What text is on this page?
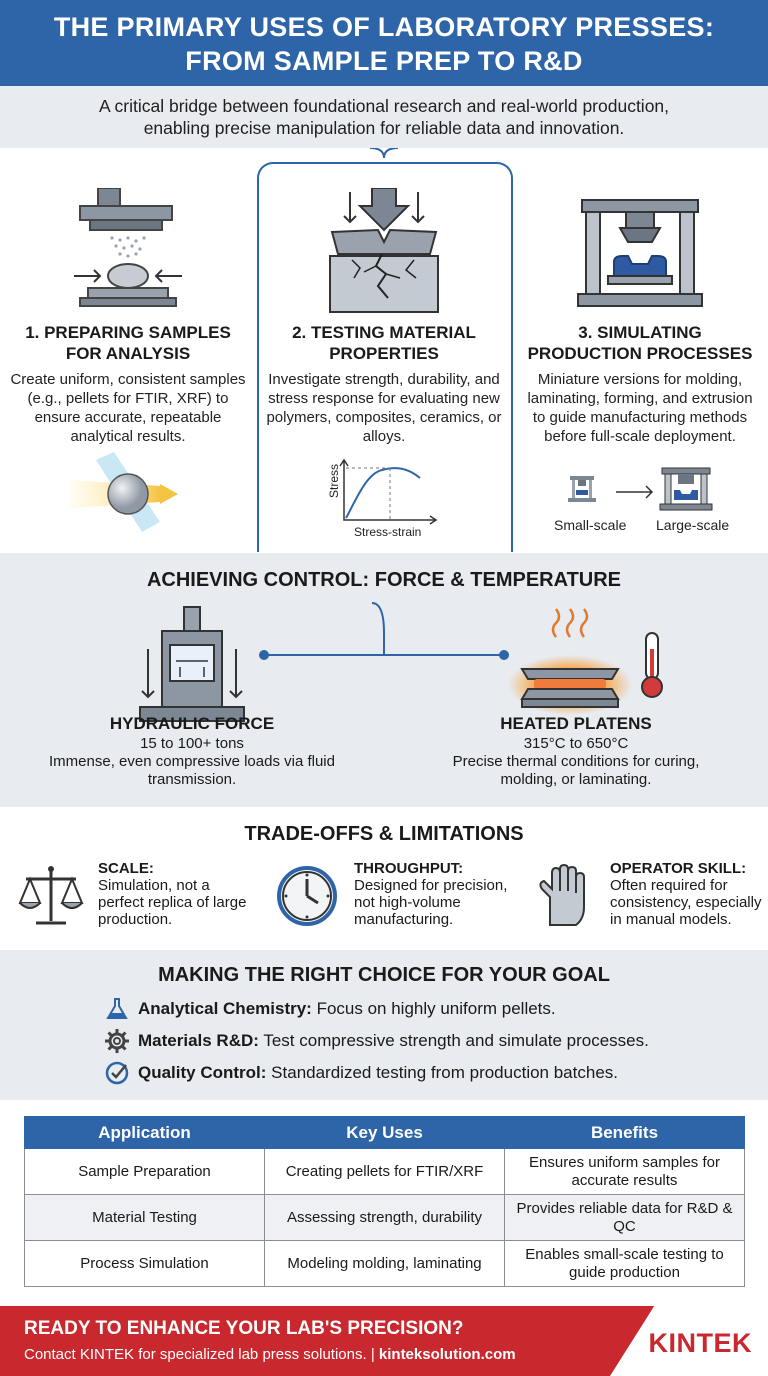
THE PRIMARY USES OF LABORATORY PRESSES:
FROM SAMPLE PREP TO R&D
A critical bridge between foundational research and real-world production,
enabling precise manipulation for reliable data and innovation.
1. PREPARING SAMPLES
FOR ANALYSIS
Create uniform, consistent samples (e.g., pellets for FTIR, XRF) to ensure accurate, repeatable analytical results.
2. TESTING MATERIAL
PROPERTIES
Investigate strength, durability, and stress response for evaluating new polymers, composites, ceramics, or alloys.
Stress
Stress-strain
3. SIMULATING
PRODUCTION PROCESSES
Miniature versions for molding, laminating, forming, and extrusion to guide manufacturing methods before full-scale deployment.
Small-scale Large-scale
ACHIEVING CONTROL: FORCE & TEMPERATURE
HYDRAULIC FORCE
15 to 100+ tons
Immense, even compressive loads via fluid transmission.
HEATED PLATENS
315°C to 650°C
Precise thermal conditions for curing, molding, or laminating.
TRADE-OFFS & LIMITATIONS
SCALE:
Simulation, not a perfect replica of large production.
THROUGHPUT:
Designed for precision, not high-volume manufacturing.
OPERATOR SKILL:
Often required for consistency, especially in manual models.
MAKING THE RIGHT CHOICE FOR YOUR GOAL
Analytical Chemistry: Focus on highly uniform pellets.
Materials R&D: Test compressive strength and simulate processes.
Quality Control: Standardized testing from production batches.
Application	Key Uses	Benefits
Sample Preparation	Creating pellets for FTIR/XRF	Ensures uniform samples for accurate results
Material Testing	Assessing strength, durability	Provides reliable data for R&D & QC
Process Simulation	Modeling molding, laminating	Enables small-scale testing to guide production
READY TO ENHANCE YOUR LAB'S PRECISION?
Contact KINTEK for specialized lab press solutions. | kinteksolution.com	KINTEK
